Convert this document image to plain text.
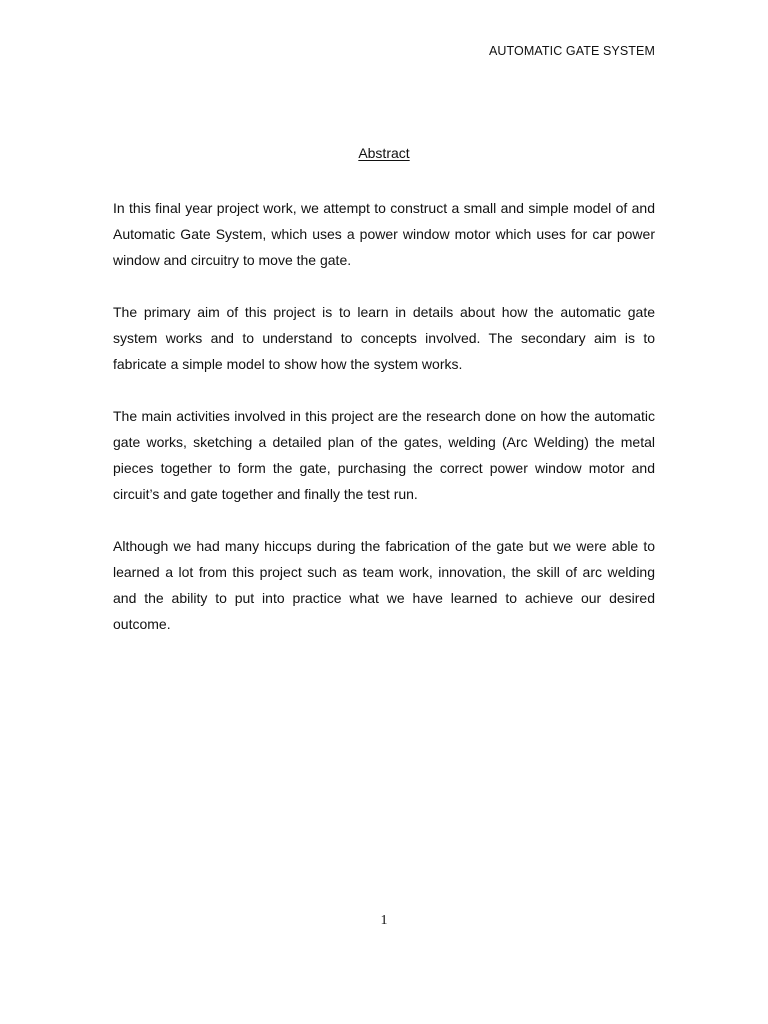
AUTOMATIC GATE SYSTEM
Abstract

In this final year project work, we attempt to construct a small and simple model of and Automatic Gate System, which uses a power window motor which uses for car power window and circuitry to move the gate.

The primary aim of this project is to learn in details about how the automatic gate system works and to understand to concepts involved. The secondary aim is to fabricate a simple model to show how the system works.

The main activities involved in this project are the research done on how the automatic gate works, sketching a detailed plan of the gates, welding (Arc Welding) the metal pieces together to form the gate, purchasing the correct power window motor and circuit’s and gate together and finally the test run.

Although we had many hiccups during the fabrication of the gate but we were able to learned a lot from this project such as team work, innovation, the skill of arc welding and the ability to put into practice what we have learned to achieve our desired outcome.

1
